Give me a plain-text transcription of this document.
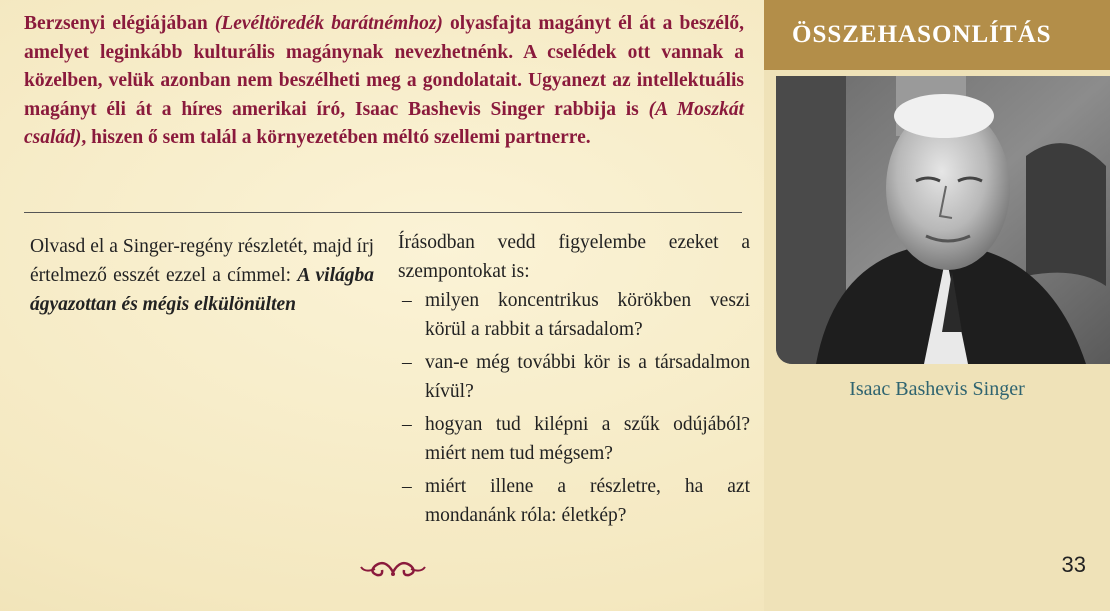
Berzsenyi elégiájában (Levéltöredék barátnémhoz) olyasfajta magányt él át a beszélő, amelyet leginkább kulturális magánynak nevezhetnénk. A cselédek ott vannak a közelben, velük azonban nem beszélheti meg a gondolatait. Ugyanezt az intellektuális magányt éli át a híres amerikai író, Isaac Bashevis Singer rabbija is (A Moszkát család), hiszen ő sem talál a környezetében méltó szellemi partnerre.

Olvasd el a Singer-regény részletét, majd írj értelmező esszét ezzel a címmel: A világba ágyazottan és mégis elkülönülten

Írásodban vedd figyelembe ezeket a szempontokat is:

– milyen koncentrikus körökben veszi körül a rabbit a társadalom?
– van-e még további kör is a társadalmon kívül?
– hogyan tud kilépni a szűk odújából? miért nem tud mégsem?
– miért illene a részletre, ha azt mondanánk róla: életkép?
ÖSSZEHASONLÍTÁS
Isaac Bashevis Singer
33
